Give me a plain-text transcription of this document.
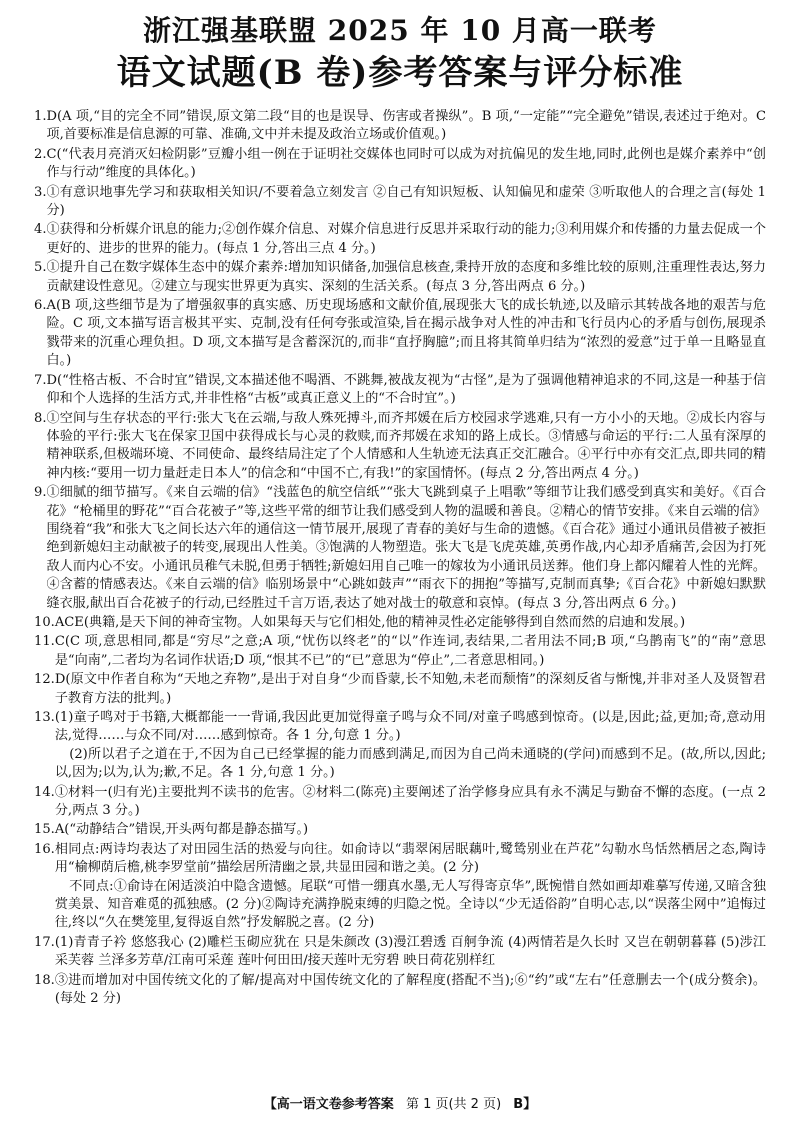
浙江强基联盟 2025 年 10 月高一联考
语文试题(B 卷)参考答案与评分标准
1. D(A 项,“目的完全不同”错误,原文第二段“目的也是误导、伤害或者操纵”。B 项,“一定能”“完全避免”错误,表述过于绝对。C 项,首要标准是信息源的可靠、准确,文中并未提及政治立场或价值观。)
2. C(“代表月亮消灭妇检阴影”豆瓣小组一例在于证明社交媒体也同时可以成为对抗偏见的发生地,同时,此例也是媒介素养中“创作与行动”维度的具体化。)
3. ①有意识地事先学习和获取相关知识/不要着急立刻发言 ②自己有知识短板、认知偏见和虚荣 ③听取他人的合理之言(每处 1 分)
4. ①获得和分析媒介讯息的能力;②创作媒介信息、对媒介信息进行反思并采取行动的能力;③利用媒介和传播的力量去促成一个更好的、进步的世界的能力。(每点 1 分,答出三点 4 分。)
5. ①提升自己在数字媒体生态中的媒介素养:增加知识储备,加强信息核查,秉持开放的态度和多维比较的原则,注重理性表达,努力贡献建设性意见。②建立与现实世界更为真实、深刻的生活关系。(每点 3 分,答出两点 6 分。)
6. A(B 项,这些细节是为了增强叙事的真实感、历史现场感和文献价值,展现张大飞的成长轨迹,以及暗示其转战各地的艰苦与危险。C 项,文本描写语言极其平实、克制,没有任何夸张或渲染,旨在揭示战争对人性的冲击和飞行员内心的矛盾与创伤,展现杀戮带来的沉重心理负担。D 项,文本描写是含蓄深沉的,而非“直抒胸臆”;而且将其简单归结为“浓烈的爱意”过于单一且略显直白。)
7. D(“性格古板、不合时宜”错误,文本描述他不喝酒、不跳舞,被战友视为“古怪”,是为了强调他精神追求的不同,这是一种基于信仰和个人选择的生活方式,并非性格“古板”或真正意义上的“不合时宜”。)
8. ①空间与生存状态的平行:张大飞在云端,与敌人殊死搏斗,而齐邦媛在后方校园求学逃难,只有一方小小的天地。②成长内容与体验的平行:张大飞在保家卫国中获得成长与心灵的救赎,而齐邦媛在求知的路上成长。③情感与命运的平行:二人虽有深厚的精神联系,但极端环境、不同使命、最终结局注定了个人情感和人生轨迹无法真正交汇融合。④平行中亦有交汇点,即共同的精神内核:“要用一切力量赶走日本人”的信念和“中国不亡,有我!”的家国情怀。(每点 2 分,答出两点 4 分。)
9. ①细腻的细节描写。《来自云端的信》“浅蓝色的航空信纸”“张大飞跳到桌子上唱歌”等细节让我们感受到真实和美好。《百合花》“枪桶里的野花”“百合花被子”等,这些平常的细节让我们感受到人物的温暖和善良。②精心的情节安排。《来自云端的信》围绕着“我”和张大飞之间长达六年的通信这一情节展开,展现了青春的美好与生命的遗憾。《百合花》通过小通讯员借被子被拒绝到新媳妇主动献被子的转变,展现出人性美。③饱满的人物塑造。张大飞是飞虎英雄,英勇作战,内心却矛盾痛苦,会因为打死敌人而内心不安。小通讯员稚气未脱,但勇于牺牲;新媳妇用自己唯一的嫁妆为小通讯员送葬。他们身上都闪耀着人性的光辉。④含蓄的情感表达。《来自云端的信》临别场景中“心跳如鼓声”“雨衣下的拥抱”等描写,克制而真挚;《百合花》中新媳妇默默缝衣服,献出百合花被子的行动,已经胜过千言万语,表达了她对战士的敬意和哀悼。(每点 3 分,答出两点 6 分。)
10. ACE(典籍,是天下间的神奇宝物。人如果每天与它们相处,他的精神灵性必定能够得到自然而然的启迪和发展。)
11. C(C 项,意思相同,都是“穷尽”之意;A 项,“忧伤以终老”的“以”作连词,表结果,二者用法不同;B 项,“乌鹊南飞”的“南”意思是“向南”,二者均为名词作状语;D 项,“恨其不已”的“已”意思为“停止”,二者意思相同。)
12. D(原文中作者自称为“天地之弃物”,是出于对自身“少而昏蒙,长不知勉,未老而颓惰”的深刻反省与惭愧,并非对圣人及贤智君子教育方法的批判。)
13. (1)童子鸣对于书籍,大概都能一一背诵,我因此更加觉得童子鸣与众不同/对童子鸣感到惊奇。(以是,因此;益,更加;奇,意动用法,觉得……与众不同/对……感到惊奇。各 1 分,句意 1 分。)
(2)所以君子之道在于,不因为自己已经掌握的能力而感到满足,而因为自己尚未通晓的(学问)而感到不足。(故,所以,因此;以,因为;以为,认为;歉,不足。各 1 分,句意 1 分。)
14. ①材料一(归有光)主要批判不读书的危害。②材料二(陈亮)主要阐述了治学修身应具有永不满足与勤奋不懈的态度。(一点 2 分,两点 3 分。)
15. A(“动静结合”错误,开头两句都是静态描写。)
16. 相同点:两诗均表达了对田园生活的热爱与向往。如俞诗以“翡翠闲居眠藕叶,鹭鸶别业在芦花”勾勒水鸟恬然栖居之态,陶诗用“榆柳荫后檐,桃李罗堂前”描绘居所清幽之景,共显田园和谐之美。(2 分)
不同点:①俞诗在闲适淡泊中隐含遗憾。尾联“可惜一绷真水墨,无人写得寄京华”,既惋惜自然如画却难摹写传递,又暗含独赏美景、知音难觅的孤独感。(2 分)②陶诗充满挣脱束缚的归隐之悦。全诗以“少无适俗韵”自明心志,以“误落尘网中”追悔过往,终以“久在樊笼里,复得返自然”抒发解脱之喜。(2 分)
17. (1)青青子衿 悠悠我心 (2)雕栏玉砌应犹在 只是朱颜改 (3)漫江碧透 百舸争流 (4)两情若是久长时 又岂在朝朝暮暮 (5)涉江采芙蓉 兰泽多芳草/江南可采莲 莲叶何田田/接天莲叶无穷碧 映日荷花别样红
18. ③进而增加对中国传统文化的了解/提高对中国传统文化的了解程度(搭配不当);⑥“约”或“左右”任意删去一个(成分赘余)。(每处 2 分)
【高一语文卷参考答案 第 1 页(共 2 页) B】
